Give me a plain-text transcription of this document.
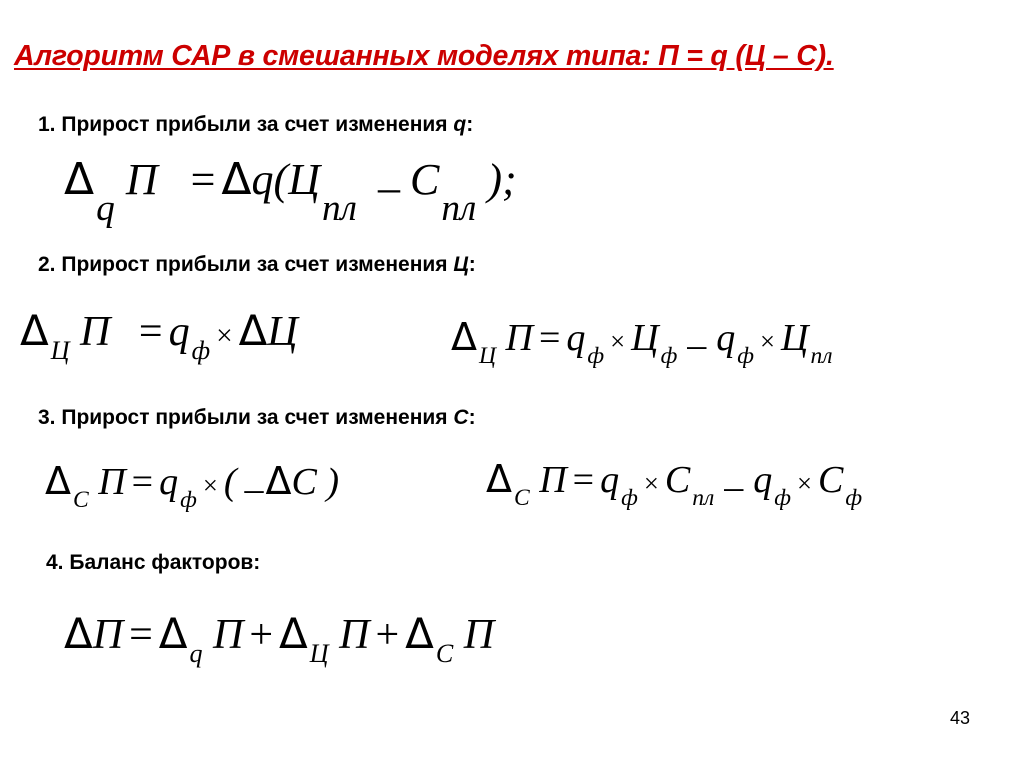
Алгоритм САР в смешанных моделях типа: П = q (Ц – С).
1. Прирост прибыли за счет изменения q:
$\Delta_q$ $П = \Delta q(Ц_{пл} - C_{пл}$ );
2. Прирост прибыли за счет изменения Ц:
$\Delta_Ц$ $П = q_ф \times \Delta Ц$	$\Delta_Ц$ $П = q_ф \times Ц_ф - q_ф \times Ц_{пл}$
3. Прирост прибыли за счет изменения С:
$\Delta_С$ $П = q_ф$ × ( –ΔC )	$\Delta_С$ $П = q_ф \times C_{пл} - q_ф \times C_ф$
4. Баланс факторов:
$\Delta П = \Delta_q$ $П + \Delta_Ц$ $П + \Delta_С$ П
43
